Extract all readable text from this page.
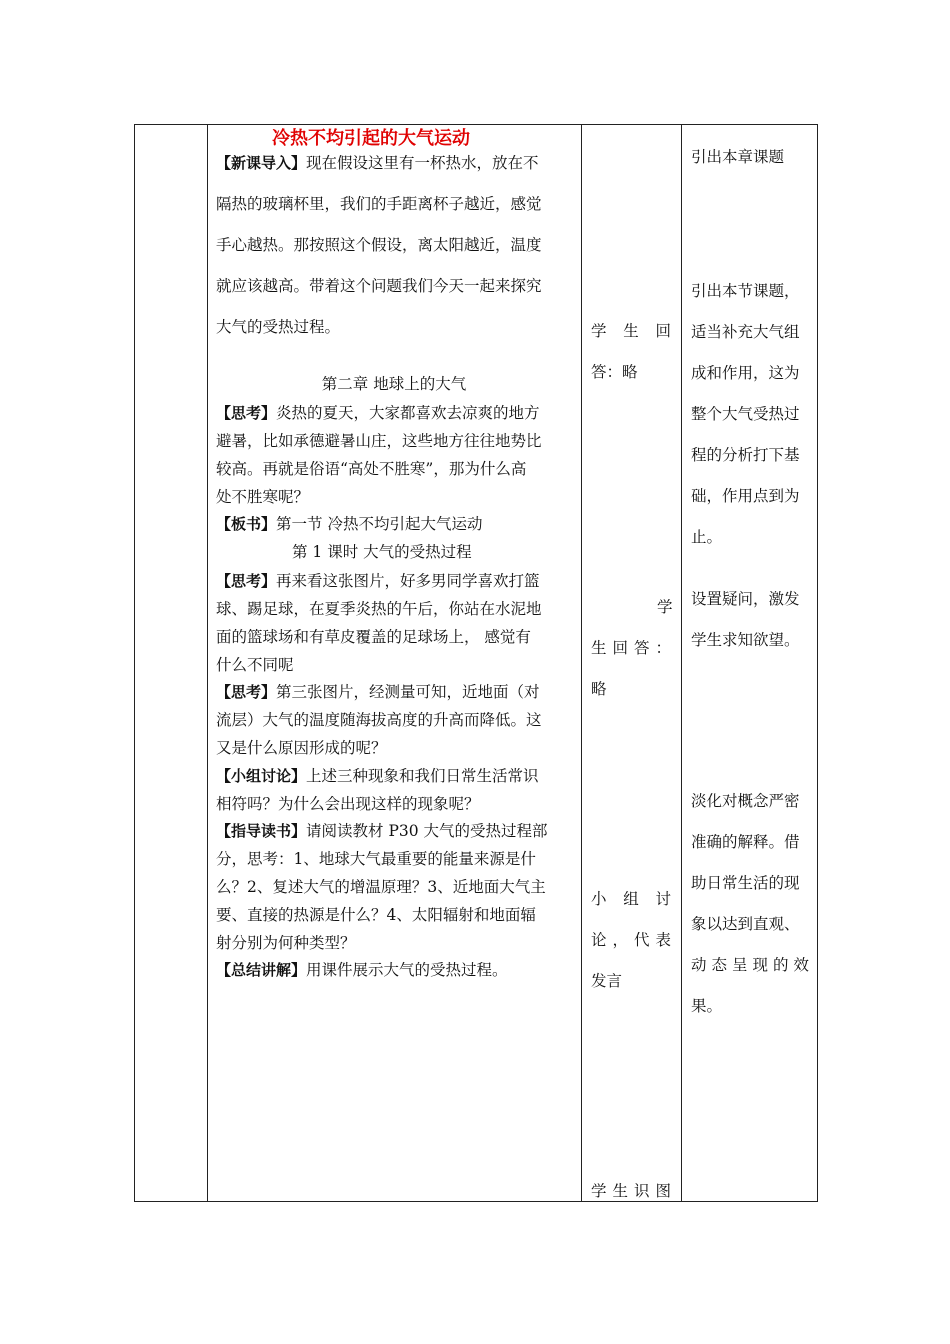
冷热不均引起的大气运动

【新课导入】现在假设这里有一杯热水，放在不

隔热的玻璃杯里，我们的手距离杯子越近，感觉

手心越热。那按照这个假设，离太阳越近，温度

就应该越高。带着这个问题我们今天一起来探究

大气的受热过程。

第二章 地球上的大气

【思考】炎热的夏天，大家都喜欢去凉爽的地方

避暑，比如承德避暑山庄，这些地方往往地势比

较高。再就是俗语“高处不胜寒”，那为什么高

处不胜寒呢？

【板书】第一节 冷热不均引起大气运动

第 1 课时 大气的受热过程

【思考】再来看这张图片，好多男同学喜欢打篮

球、踢足球，在夏季炎热的午后，你站在水泥地

面的篮球场和有草皮覆盖的足球场上， 感觉有

什么不同呢

【思考】第三张图片，经测量可知，近地面（对

流层）大气的温度随海拔高度的升高而降低。这

又是什么原因形成的呢？

【小组讨论】上述三种现象和我们日常生活常识

相符吗？为什么会出现这样的现象呢？

【指导读书】请阅读教材 P30 大气的受热过程部

分，思考：1、地球大气最重要的能量来源是什

么？2、复述大气的增温原理？3、近地面大气主

要、直接的热源是什么？4、太阳辐射和地面辐

射分别为何种类型？

【总结讲解】用课件展示大气的受热过程。

学 生 回

答：略

学

生 回 答 ：

略

小 组 讨

论 ， 代 表

发言

学 生 识 图

引出本章课题

引出本节课题，

适当补充大气组

成和作用，这为

整个大气受热过

程的分析打下基

础，作用点到为

止。

设置疑问，激发

学生求知欲望。

淡化对概念严密

准确的解释。借

助日常生活的现

象以达到直观、

动 态 呈 现 的 效

果。
